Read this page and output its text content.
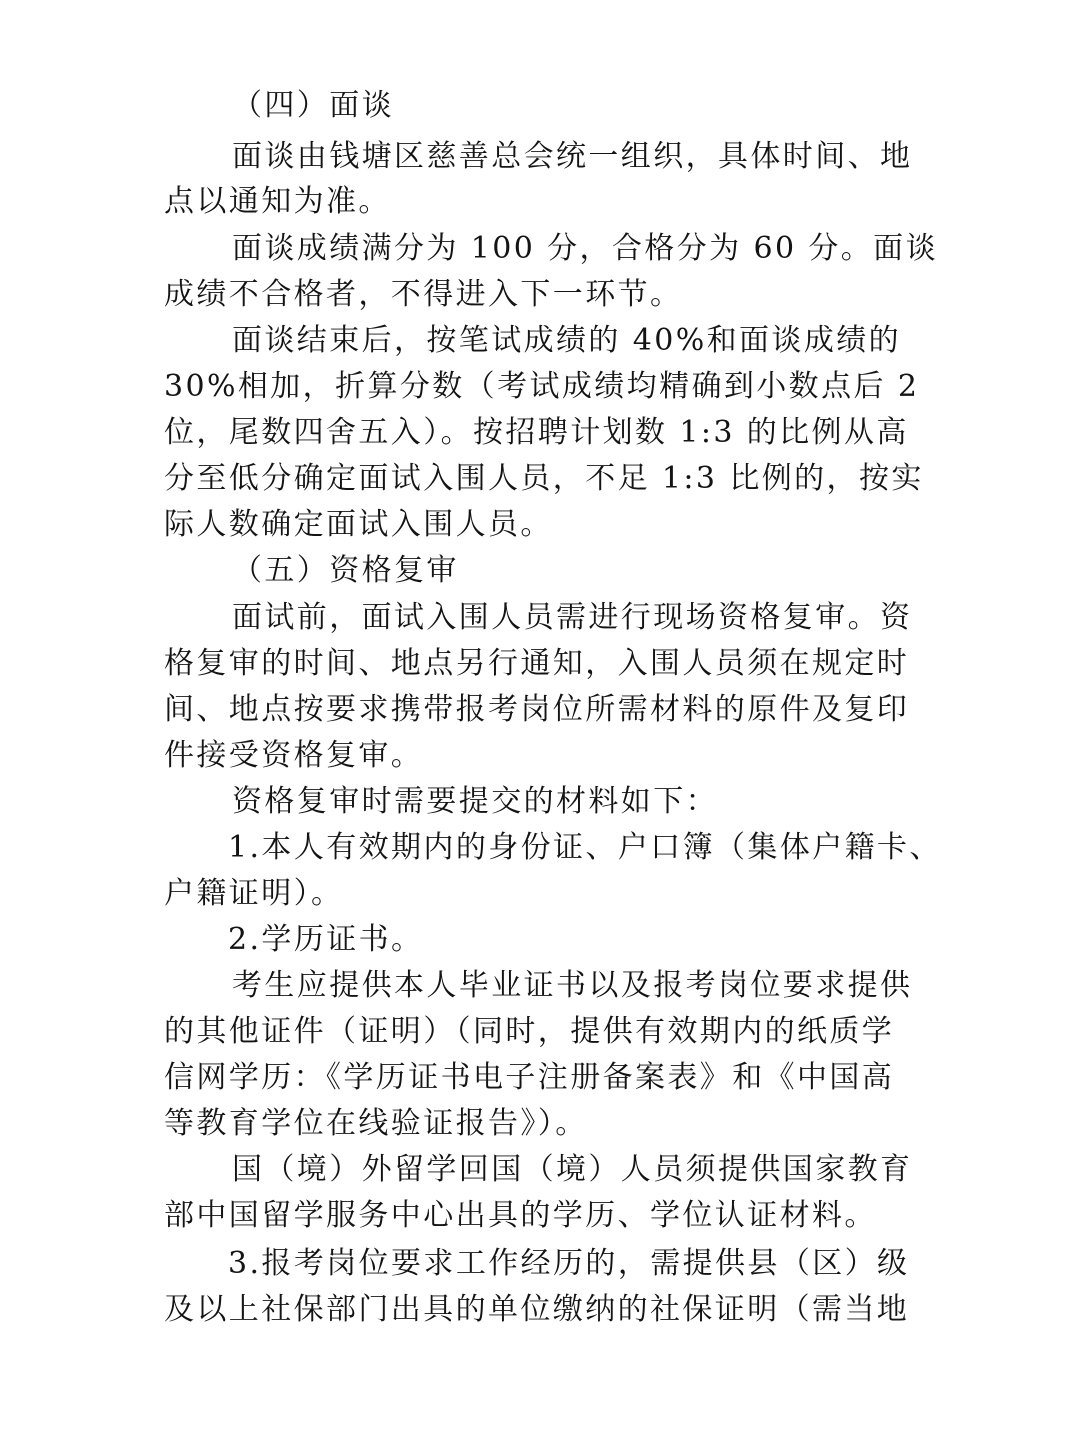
（四）面谈
面谈由钱塘区慈善总会统一组织，具体时间、地
点以通知为准。
面谈成绩满分为 100 分，合格分为 60 分。面谈
成绩不合格者，不得进入下一环节。
面谈结束后，按笔试成绩的 40%和面谈成绩的
30%相加，折算分数（考试成绩均精确到小数点后 2
位，尾数四舍五入）。按招聘计划数 1:3 的比例从高
分至低分确定面试入围人员，不足 1:3 比例的，按实
际人数确定面试入围人员。
（五）资格复审
面试前，面试入围人员需进行现场资格复审。资
格复审的时间、地点另行通知，入围人员须在规定时
间、地点按要求携带报考岗位所需材料的原件及复印
件接受资格复审。
资格复审时需要提交的材料如下：
1.本人有效期内的身份证、户口簿（集体户籍卡、
户籍证明）。
2.学历证书。
考生应提供本人毕业证书以及报考岗位要求提供
的其他证件（证明）（同时，提供有效期内的纸质学
信网学历：《学历证书电子注册备案表》和《中国高
等教育学位在线验证报告》）。
国（境）外留学回国（境）人员须提供国家教育
部中国留学服务中心出具的学历、学位认证材料。
3.报考岗位要求工作经历的，需提供县（区）级
及以上社保部门出具的单位缴纳的社保证明（需当地
